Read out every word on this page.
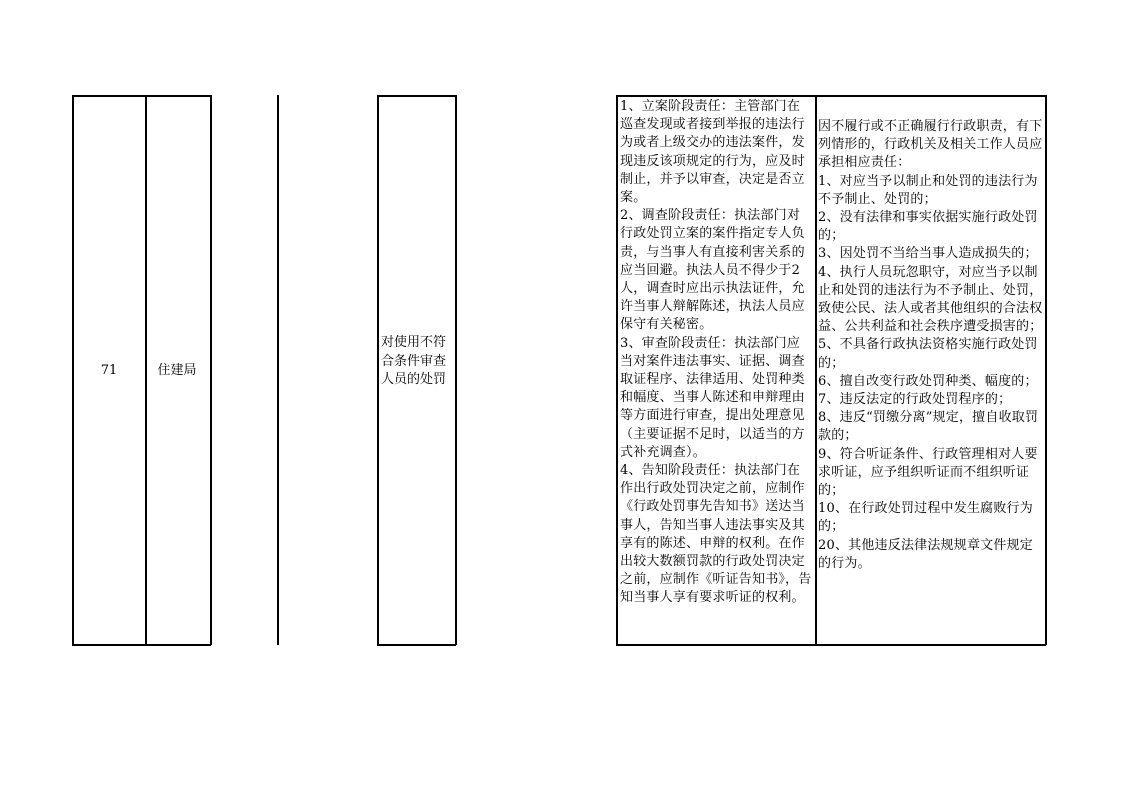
71	住建局
对使用不符合条件审查人员的处罚
1、立案阶段责任：主管部门在巡查发现或者接到举报的违法行为或者上级交办的违法案件，发现违反该项规定的行为，应及时制止，并予以审查，决定是否立案。
2、调查阶段责任：执法部门对行政处罚立案的案件指定专人负责，与当事人有直接利害关系的应当回避。执法人员不得少于2人，调查时应出示执法证件，允许当事人辩解陈述，执法人员应保守有关秘密。
3、审查阶段责任：执法部门应当对案件违法事实、证据、调查取证程序、法律适用、处罚种类和幅度、当事人陈述和申辩理由等方面进行审查，提出处理意见（主要证据不足时，以适当的方式补充调查）。
4、告知阶段责任：执法部门在作出行政处罚决定之前，应制作《行政处罚事先告知书》送达当事人，告知当事人违法事实及其享有的陈述、申辩的权利。在作出较大数额罚款的行政处罚决定之前，应制作《听证告知书》，告知当事人享有要求听证的权利。
因不履行或不正确履行行政职责，有下列情形的，行政机关及相关工作人员应承担相应责任：
1、对应当予以制止和处罚的违法行为不予制止、处罚的；
2、没有法律和事实依据实施行政处罚的；
3、因处罚不当给当事人造成损失的；
4、执行人员玩忽职守，对应当予以制止和处罚的违法行为不予制止、处罚，致使公民、法人或者其他组织的合法权益、公共利益和社会秩序遭受损害的；
5、不具备行政执法资格实施行政处罚的；
6、擅自改变行政处罚种类、幅度的；
7、违反法定的行政处罚程序的；
8、违反“罚缴分离”规定，擅自收取罚款的；
9、符合听证条件、行政管理相对人要求听证，应予组织听证而不组织听证的；
10、在行政处罚过程中发生腐败行为的；
20、其他违反法律法规规章文件规定的行为。
